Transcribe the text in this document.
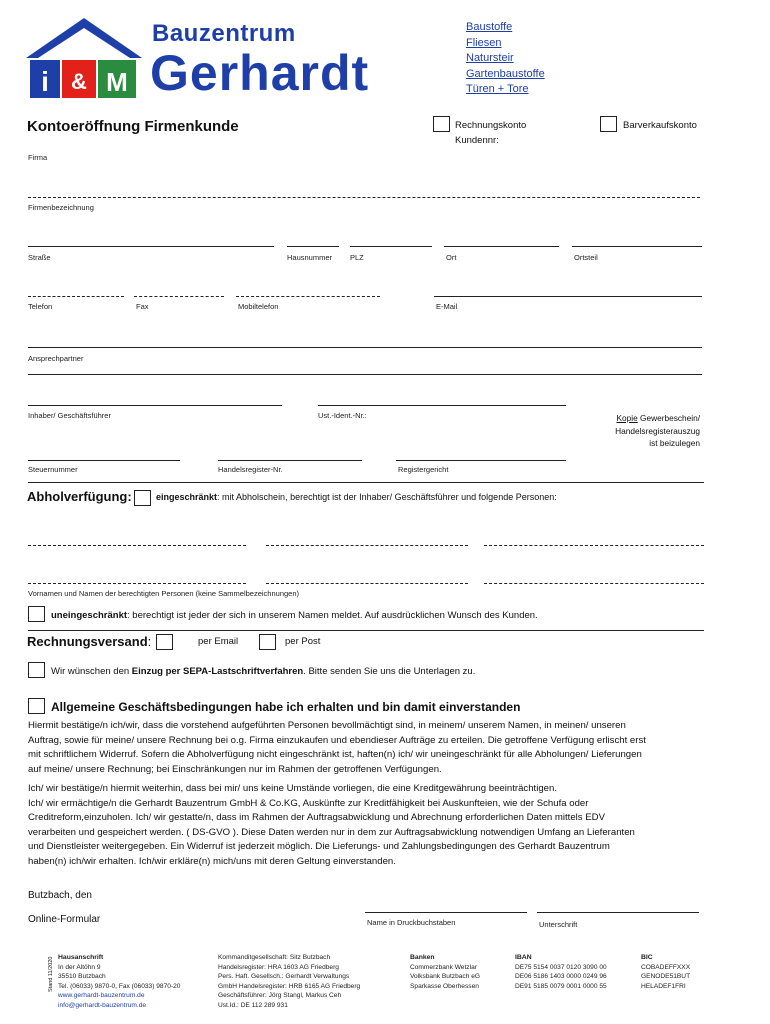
i & M
Bauzentrum
Gerhardt
Baustoffe
Fliesen
Natursteir
Gartenbaustoffe
Türen + Tore
Kontoeröffnung Firmenkunde	Rechnungskonto
Kundennr:
Barverkaufskonto
Firma
Firmenbezeichnung
Straße	Hausnummer PLZ	Ort	Ortsteil
Telefon	Fax	Mobiltelefon	E-Mail
Ansprechpartner
Inhaber/ Geschäftsführer	Ust.-Ident.-Nr.:	Kopie Gewerbeschein/
Handelsregisterauszug
ist beizulegen
Steuernummer	Handelsregister-Nr.	Registergericht
Abholverfügung:	eingeschränkt: mit Abholschein, berechtigt ist der Inhaber/ Geschäftsführer und folgende Personen:
Vornamen und Namen der berechtigten Personen (keine Sammelbezeichnungen)
uneingeschränkt: berechtigt ist jeder der sich in unserem Namen meldet. Auf ausdrücklichen Wunsch des Kunden.
Rechnungsversand:	per Email	per Post
Wir wünschen den Einzug per SEPA-Lastschriftverfahren. Bitte senden Sie uns die Unterlagen zu.
Allgemeine Geschäftsbedingungen habe ich erhalten und bin damit einverstanden
Hiermit bestätige/n ich/wir, dass die vorstehend aufgeführten Personen bevollmächtigt sind, in meinem/ unserem Namen, in meinen/ unseren
Auftrag, sowie für meine/ unsere Rechnung bei o.g. Firma einzukaufen und ebendieser Aufträge zu erteilen. Die getroffene Verfügung erlischt erst
mit schriftlichem Widerruf. Sofern die Abholverfügung nicht eingeschränkt ist, haften(n) ich/ wir uneingeschränkt für alle Abholungen/ Lieferungen
auf meine/ unsere Rechnung; bei Einschränkungen nur im Rahmen der getroffenen Verfügungen.
Ich/ wir bestätige/n hiermit weiterhin, dass bei mir/ uns keine Umstände vorliegen, die eine Kreditgewährung beeinträchtigen.
Ich/ wir ermächtige/n die Gerhardt Bauzentrum GmbH & Co.KG, Auskünfte zur Kreditfähigkeit bei Auskunfteien, wie der Schufa oder
Creditreform,einzuholen. Ich/ wir gestatte/n, dass im Rahmen der Auftragsabwicklung und Abrechnung erforderlichen Daten mittels EDV
verarbeiten und gespeichert werden. ( DS-GVO ). Diese Daten werden nur in dem zur Auftragsabwicklung notwendigen Umfang an Lieferanten
und Dienstleister weitergegeben. Ein Widerruf ist jederzeit möglich. Die Lieferungs- und Zahlungsbedingungen des Gerhardt Bauzentrum
haben(n) ich/wir erhalten. Ich/wir erkläre(n) mich/uns mit deren Geltung einverstanden.
Butzbach, den
Online-Formular	Name in Druckbuchstaben	Unterschrift
Stand 11/2020 Hausanschrift
In der Altöhn 9
35510 Butzbach
Tel. (06033) 9870-0, Fax (06033) 9870-20
www.gerhardt-bauzentrum.de
info@gerhardt-bauzentrum.de
Kommanditgesellschaft: Sitz Butzbach
Handelsregister: HRA 1603 AG Friedberg
Pers. Haft. Gesellsch.: Gerhardt Verwaltungs
GmbH Handelsregister: HRB 6165 AG Friedberg
Geschäftsführer: Jörg Stangl, Markus Ceh
Ust.Id.: DE 112 289 931
Banken
Commerzbank Wetzlar
Volksbank Butzbach eG
Sparkasse Oberhessen
IBAN
DE75 5154 0037 0120 3090 00
DE06 5186 1403 0000 0249 96
DE91 5185 0079 0001 0000 55
BIC
COBADEFFXXX
GENODE51BUT
HELADEF1FRI
